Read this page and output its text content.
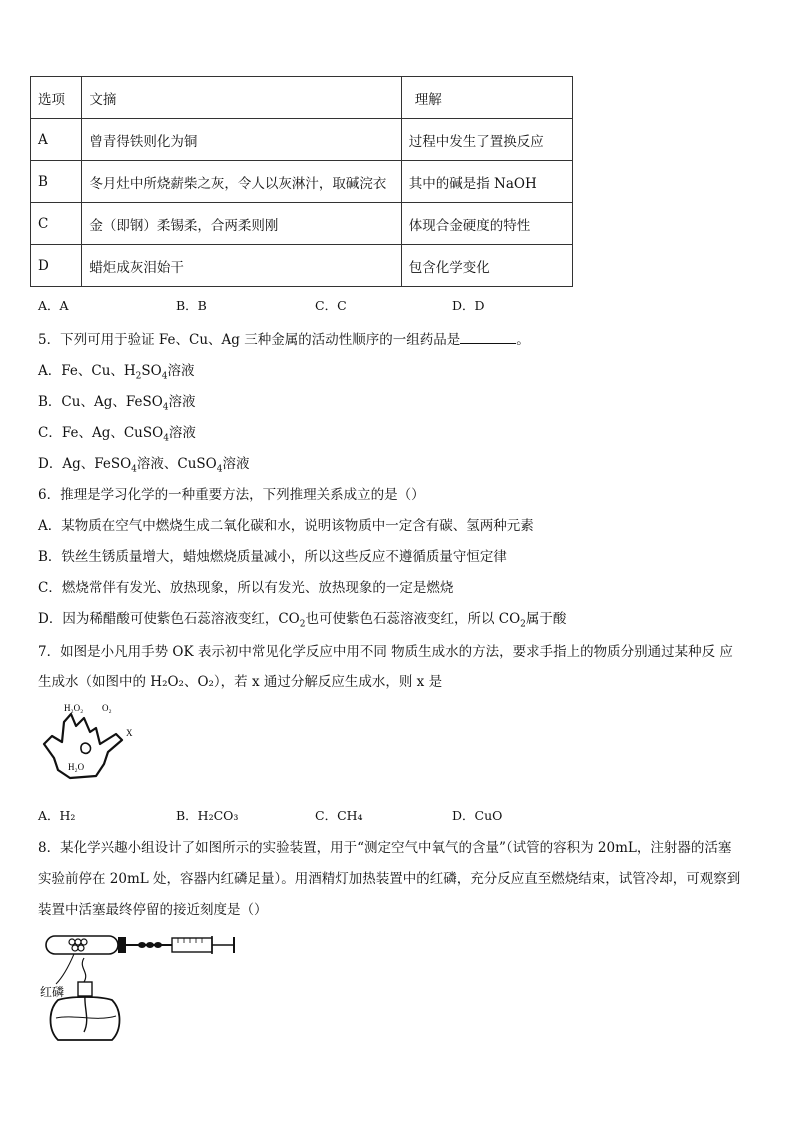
选项	文摘	理解
A	曾青得铁则化为铜	过程中发生了置换反应
B	冬月灶中所烧薪柴之灰，令人以灰淋汁，取碱浣衣	其中的碱是指 NaOH
C	金（即钢）柔锡柔，合两柔则刚	体现合金硬度的特性
D	蜡炬成灰泪始干	包含化学变化
A．A	B．B	C．C	D．D
5．下列可用于验证 Fe、Cu、Ag 三种金属的活动性顺序的一组药品是	。
A．Fe、Cu、$H_2SO_4$溶液
B．Cu、Ag、FeSO$_4$溶液
C．Fe、Ag、CuSO$_4$溶液
D．Ag、FeSO$_4$溶液、CuSO$_4$溶液
6．推理是学习化学的一种重要方法，下列推理关系成立的是（）
A．某物质在空气中燃烧生成二氧化碳和水，说明该物质中一定含有碳、氢两种元素
B．铁丝生锈质量增大，蜡烛燃烧质量减小，所以这些反应不遵循质量守恒定律
C．燃烧常伴有发光、放热现象，所以有发光、放热现象的一定是燃烧
D．因为稀醋酸可使紫色石蕊溶液变红，$CO_2$也可使紫色石蕊溶液变红，所以 $CO_2$属于酸
7．如图是小凡用手势 OK 表示初中常见化学反应中用不同 物质生成水的方法，要求手指上的物质分别通过某种反 应
生成水（如图中的 H₂O₂、O₂），若 x 通过分解反应生成水，则 x 是
H₂O₂ O₂
X
H₂O
A．H₂	B．H₂CO₃	C．CH₄	D．CuO
8．某化学兴趣小组设计了如图所示的实验装置，用于“测定空气中氧气的含量”（试管的容积为 20mL，注射器的活塞
实验前停在 20mL 处，容器内红磷足量）。用酒精灯加热装置中的红磷，充分反应直至燃烧结束，试管冷却，可观察到
装置中活塞最终停留的接近刻度是（）
红磷
